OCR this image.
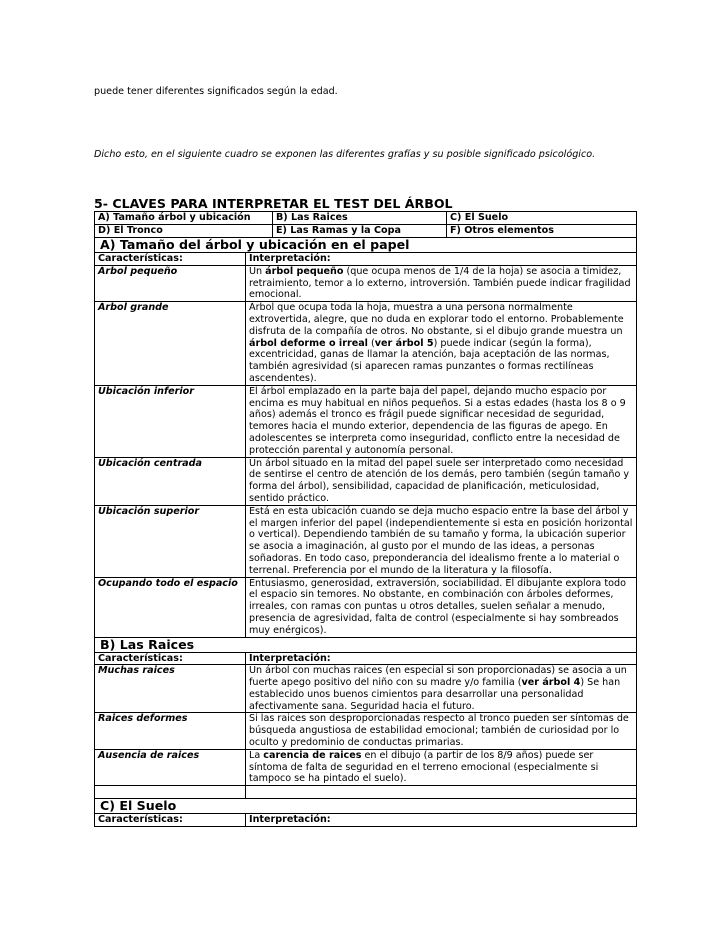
puede tener diferentes significados según la edad.
Dicho esto, en el siguiente cuadro se exponen las diferentes grafías y su posible significado psicológico.
5- CLAVES PARA INTERPRETAR EL TEST DEL ÁRBOL
A) Tamaño árbol y ubicación	B) Las Raices	C) El Suelo
D) El Tronco	E) Las Ramas y la Copa	F) Otros elementos
A) Tamaño del árbol y ubicación en el papel	

Características:	Interpretación:
Árbol pequeño	Un árbol pequeño (que ocupa menos de 1/4 de la hoja) se asocia a timidez, retraimiento, temor a lo externo, introversión. También puede indicar fragilidad emocional.
Árbol grande	Árbol que ocupa toda la hoja, muestra a una persona normalmente extrovertida, alegre, que no duda en explorar todo el entorno. Probablemente disfruta de la compañía de otros. No obstante, si el dibujo grande muestra un árbol deforme o irreal (ver árbol 5) puede indicar (según la forma), excentricidad, ganas de llamar la atención, baja aceptación de las normas, también agresividad (si aparecen ramas punzantes o formas rectilíneas ascendentes).
Ubicación inferior	El árbol emplazado en la parte baja del papel, dejando mucho espacio por encima es muy habitual en niños pequeños. Si a estas edades (hasta los 8 o 9 años) además el tronco es frágil puede significar necesidad de seguridad, temores hacia el mundo exterior, dependencia de las figuras de apego. En adolescentes se interpreta como inseguridad, conflicto entre la necesidad de protección parental y autonomía personal.
Ubicación centrada	Un árbol situado en la mitad del papel suele ser interpretado como necesidad de sentirse el centro de atención de los demás, pero también (según tamaño y forma del árbol), sensibilidad, capacidad de planificación, meticulosidad, sentido práctico.
Ubicación superior	Está en esta ubicación cuando se deja mucho espacio entre la base del árbol y el margen inferior del papel (independientemente si esta en posición horizontal o vertical). Dependiendo también de su tamaño y forma, la ubicación superior se asocia a imaginación, al gusto por el mundo de las ideas, a personas soñadoras. En todo caso, preponderancia del idealismo frente a lo material o terrenal. Preferencia por el mundo de la literatura y la filosofía.
Ocupando todo el espacio	Entusiasmo, generosidad, extraversión, sociabilidad. El dibujante explora todo el espacio sin temores. No obstante, en combinación con árboles deformes, irreales, con ramas con puntas u otros detalles, suelen señalar a menudo, presencia de agresividad, falta de control (especialmente si hay sombreados muy enérgicos).

B) Las Raices	

Características:	Interpretación:
Muchas raices	Un árbol con muchas raices (en especial si son proporcionadas) se asocia a un fuerte apego positivo del niño con su madre y/o familia (ver árbol 4) Se han establecido unos buenos cimientos para desarrollar una personalidad afectivamente sana. Seguridad hacia el futuro.
Raices deformes	Si las raices son desproporcionadas respecto al tronco pueden ser síntomas de búsqueda angustiosa de estabilidad emocional; también de curiosidad por lo oculto y predominio de conductas primarias.
Ausencia de raices	La carencia de raices en el dibujo (a partir de los 8/9 años) puede ser síntoma de falta de seguridad en el terreno emocional (especialmente si tampoco se ha pintado el suelo).

C) El Suelo	

Características:	Interpretación:
